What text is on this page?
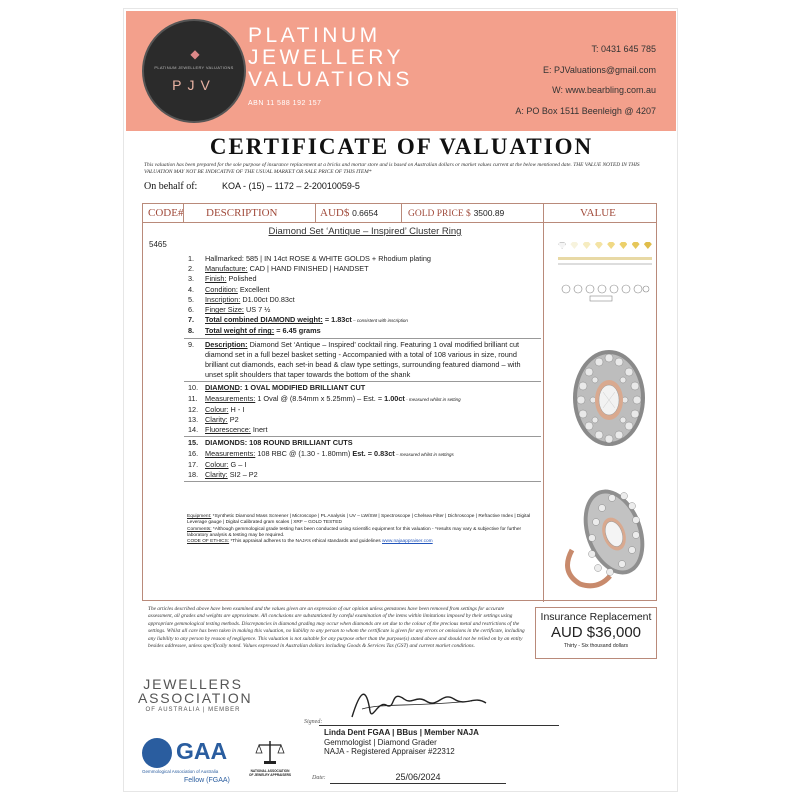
◆
PLATINUM JEWELLERY VALUATIONS
PJV
PLATINUM
JEWELLERY
VALUATIONS
ABN 11 588 192 157
T: 0431 645 785
E: PJValuations@gmail.com
W: www.bearbling.com.au
A: PO Box 1511 Beenleigh @ 4207
CERTIFICATE OF VALUATION
This valuation has been prepared for the sole purpose of insurance replacement at a bricks and mortar store and is based on Australian dollars or market values current at the below mentioned date. THE VALUE NOTED IN THIS VALUATION MAY NOT BE INDICATIVE OF THE USUAL MARKET OR SALE PRICE OF THIS ITEM*
On behalf of:	KOA - (15) – 1172 – 2-20010059-5
CODE# DESCRIPTION	AUD$ 0.6654	GOLD PRICE $ 3500.89	VALUE
5465
Diamond Set ‘Antique – Inspired’ Cluster Ring
1.	Hallmarked: 585 | IN 14ct ROSE & WHITE GOLDS + Rhodium plating
2.	Manufacture: CAD | HAND FINISHED | HANDSET
3.	Finish: Polished
4.	Condition: Excellent
5.	Inscription: D1.00ct D0.83ct
6.	Finger Size: US 7 ½
7.	Total combined DIAMOND weight: = 1.83ct – consistent with inscription
8.	Total weight of ring: = 6.45 grams
9.	Description: Diamond Set ‘Antique – Inspired’ cocktail ring. Featuring 1 oval modified brilliant cut diamond set in a full bezel basket setting - Accompanied with a total of 108 various in size, round brilliant cut diamonds, each set-in bead & claw type settings, surrounding featured diamond – with unset split shoulders that taper towards the bottom of the shank
10. DIAMOND: 1 OVAL MODIFIED BRILLIANT CUT
11.	Measurements: 1 Oval @ (8.54mm x 5.25mm) – Est. = 1.00ct - measured whilst in setting
12. Colour: H - I
13. Clarity: P2
14. Fluorescence: Inert
15. DIAMONDS: 108 ROUND BRILLIANT CUTS
16. Measurements: 108 RBC @ (1.30 - 1.80mm) Est. = 0.83ct – measured whilst in settings
17. Colour: G – I
18. Clarity: SI2 – P2
Equipment: *Synthetic Diamond Mass Screener | Microscope | PL Analysis | UV – LW/SW | Spectroscope | Chelsea Filter | Dichroscope | Refractive Index | Digital Leverage gauge | Digital Calibrated gram scales | XRF – GOLD TESTED
Comments: *Although gemmological grade testing has been conducted using scientific equipment for this valuation - *results may vary & subjective for further laboratory analysis & testing may be required.
CODE OF ETHICS: *This appraisal adheres to the NAJA’s ethical standards and guidelines www.najaappraiser.com
The articles described above have been examined and the values given are an expression of our opinion unless gemstones have been removed from settings for accurate assessment, all grades and weights are approximate. All conclusions are substantiated by careful examination of the items within limitations imposed by their settings using appropriate gemmological testing methods. Discrepancies in diamond grading may occur when diamonds are set due to the colour of the precious metal and restrictions of the settings. Whilst all care has been taken in making this valuation, no liability to any person to whom the certificate is given for any errors or omissions in the certificate, including any liability to any person by reason of negligence. This valuation is not suitable for any purpose other than the purpose(s) stated above and should not be relied on by an entity besides addressee, unless specifically noted. Values expressed in Australian dollars including Goods & Services Tax (GST) and current market conditions.
Insurance Replacement
AUD $36,000
Thirty - Six thousand dollars
JEWELLERS
ASSOCIATION
OF AUSTRALIA | MEMBER
GAA
Gemmological Association of Australia
Fellow (FGAA)
NATIONAL ASSOCIATION OF JEWELRY APPRAISERS
Signed:
Linda Dent FGAA | BBus | Member NAJA
Gemmologist | Diamond Grader
NAJA - Registered Appraiser #22312
Date:	25/06/2024
